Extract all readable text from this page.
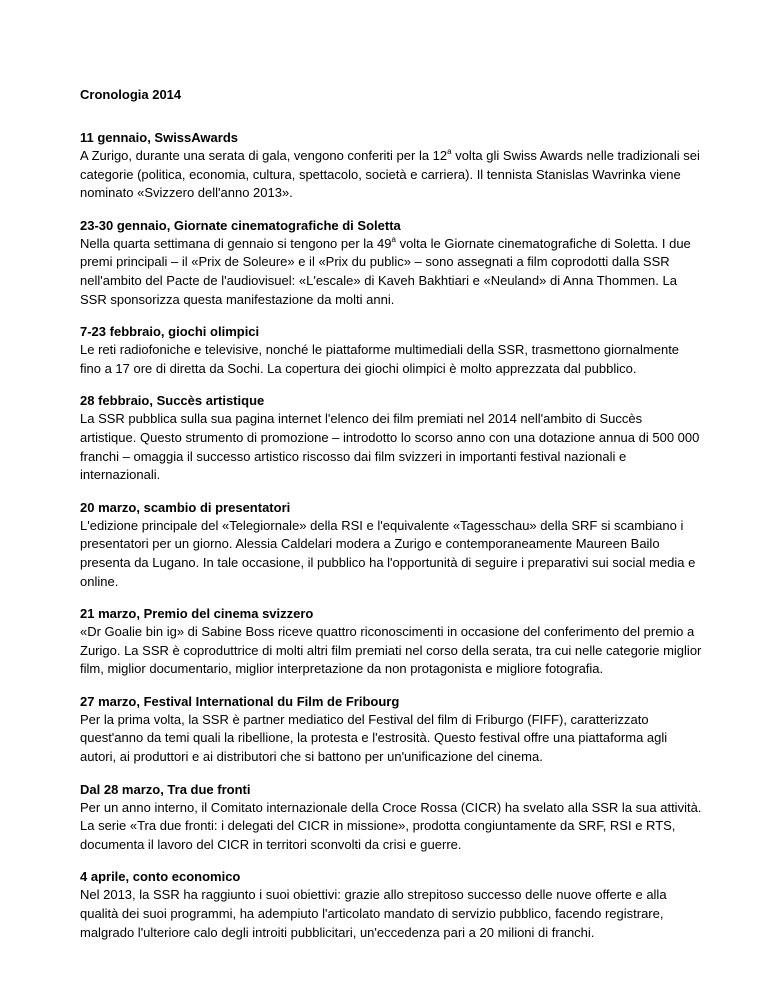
Cronologia 2014

11 gennaio, SwissAwards

A Zurigo, durante una serata di gala, vengono conferiti per la 12$^a$ volta gli Swiss Awards nelle tradizionali sei categorie (politica, economia, cultura, spettacolo, società e carriera). Il tennista Stanislas Wavrinka viene nominato «Svizzero dell'anno 2013».

23-30 gennaio, Giornate cinematografiche di Soletta

Nella quarta settimana di gennaio si tengono per la 49$^a$ volta le Giornate cinematografiche di Soletta. I due premi principali – il «Prix de Soleure» e il «Prix du public» – sono assegnati a film coprodotti dalla SSR nell'ambito del Pacte de l'audiovisuel: «L'escale» di Kaveh Bakhtiari e «Neuland» di Anna Thommen. La SSR sponsorizza questa manifestazione da molti anni.

7-23 febbraio, giochi olimpici

Le reti radiofoniche e televisive, nonché le piattaforme multimediali della SSR, trasmettono giornalmente fino a 17 ore di diretta da Sochi. La copertura dei giochi olimpici è molto apprezzata dal pubblico.

28 febbraio, Succès artistique

La SSR pubblica sulla sua pagina internet l'elenco dei film premiati nel 2014 nell'ambito di Succès artistique. Questo strumento di promozione – introdotto lo scorso anno con una dotazione annua di 500 000 franchi – omaggia il successo artistico riscosso dai film svizzeri in importanti festival nazionali e internazionali.

20 marzo, scambio di presentatori

L'edizione principale del «Telegiornale» della RSI e l'equivalente «Tagesschau» della SRF si scambiano i presentatori per un giorno. Alessia Caldelari modera a Zurigo e contemporaneamente Maureen Bailo presenta da Lugano. In tale occasione, il pubblico ha l'opportunità di seguire i preparativi sui social media e online.

21 marzo, Premio del cinema svizzero

«Dr Goalie bin ig» di Sabine Boss riceve quattro riconoscimenti in occasione del conferimento del premio a Zurigo. La SSR è coproduttrice di molti altri film premiati nel corso della serata, tra cui nelle categorie miglior film, miglior documentario, miglior interpretazione da non protagonista e migliore fotografia.

27 marzo, Festival International du Film de Fribourg

Per la prima volta, la SSR è partner mediatico del Festival del film di Friburgo (FIFF), caratterizzato quest'anno da temi quali la ribellione, la protesta e l'estrosità. Questo festival offre una piattaforma agli autori, ai produttori e ai distributori che si battono per un'unificazione del cinema.

Dal 28 marzo, Tra due fronti

Per un anno interno, il Comitato internazionale della Croce Rossa (CICR) ha svelato alla SSR la sua attività. La serie «Tra due fronti: i delegati del CICR in missione», prodotta congiuntamente da SRF, RSI e RTS, documenta il lavoro del CICR in territori sconvolti da crisi e guerre.

4 aprile, conto economico

Nel 2013, la SSR ha raggiunto i suoi obiettivi: grazie allo strepitoso successo delle nuove offerte e alla qualità dei suoi programmi, ha adempiuto l'articolato mandato di servizio pubblico, facendo registrare, malgrado l'ulteriore calo degli introiti pubblicitari, un'eccedenza pari a 20 milioni di franchi.
